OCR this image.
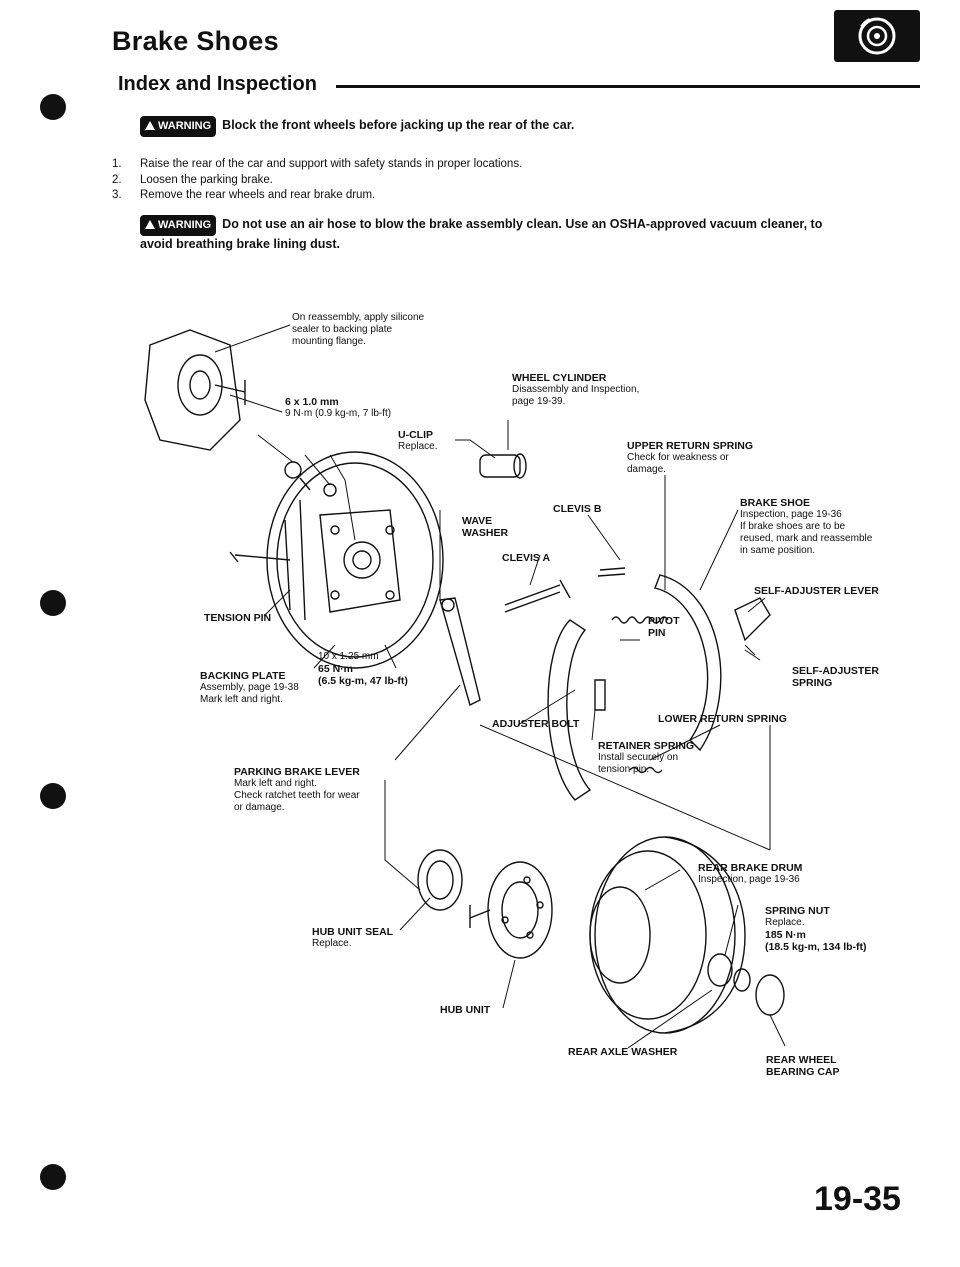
Brake Shoes
Index and Inspection
WARNING Block the front wheels before jacking up the rear of the car.
1.	Raise the rear of the car and support with safety stands in proper locations.
2.	Loosen the parking brake.
3.	Remove the rear wheels and rear brake drum.
WARNING Do not use an air hose to blow the brake assembly clean. Use an OSHA-approved vacuum cleaner, to
avoid breathing brake lining dust.
On reassembly, apply silicone
sealer to backing plate
mounting flange.
6 x 1.0 mm
9 N·m (0.9 kg-m, 7 lb-ft)
WHEEL CYLINDER
Disassembly and Inspection,
page 19-39.
U-CLIP
Replace.	UPPER RETURN SPRING
Check for weakness or
damage.
BRAKE SHOE
Inspection, page 19-36
If brake shoes are to be
reused, mark and reassemble
in same position.
CLEVIS B
WAVE
WASHER
CLEVIS A
SELF-ADJUSTER LEVER
TENSION PIN	PIVOT
PIN
10 x 1.25 mm
65 N·m
(6.5 kg-m, 47 lb-ft)
BACKING PLATE
Assembly, page 19-38
Mark left and right.
SELF-ADJUSTER
SPRING
ADJUSTER BOLT	LOWER RETURN SPRING
RETAINER SPRING
Install securely on
tension pin.
PARKING BRAKE LEVER
Mark left and right.
Check ratchet teeth for wear
or damage.
REAR BRAKE DRUM
Inspection, page 19-36
SPRING NUT
Replace.
185 N·m
(18.5 kg-m, 134 lb-ft)
HUB UNIT SEAL
Replace.
HUB UNIT
REAR AXLE WASHER
REAR WHEEL
BEARING CAP
19-35
